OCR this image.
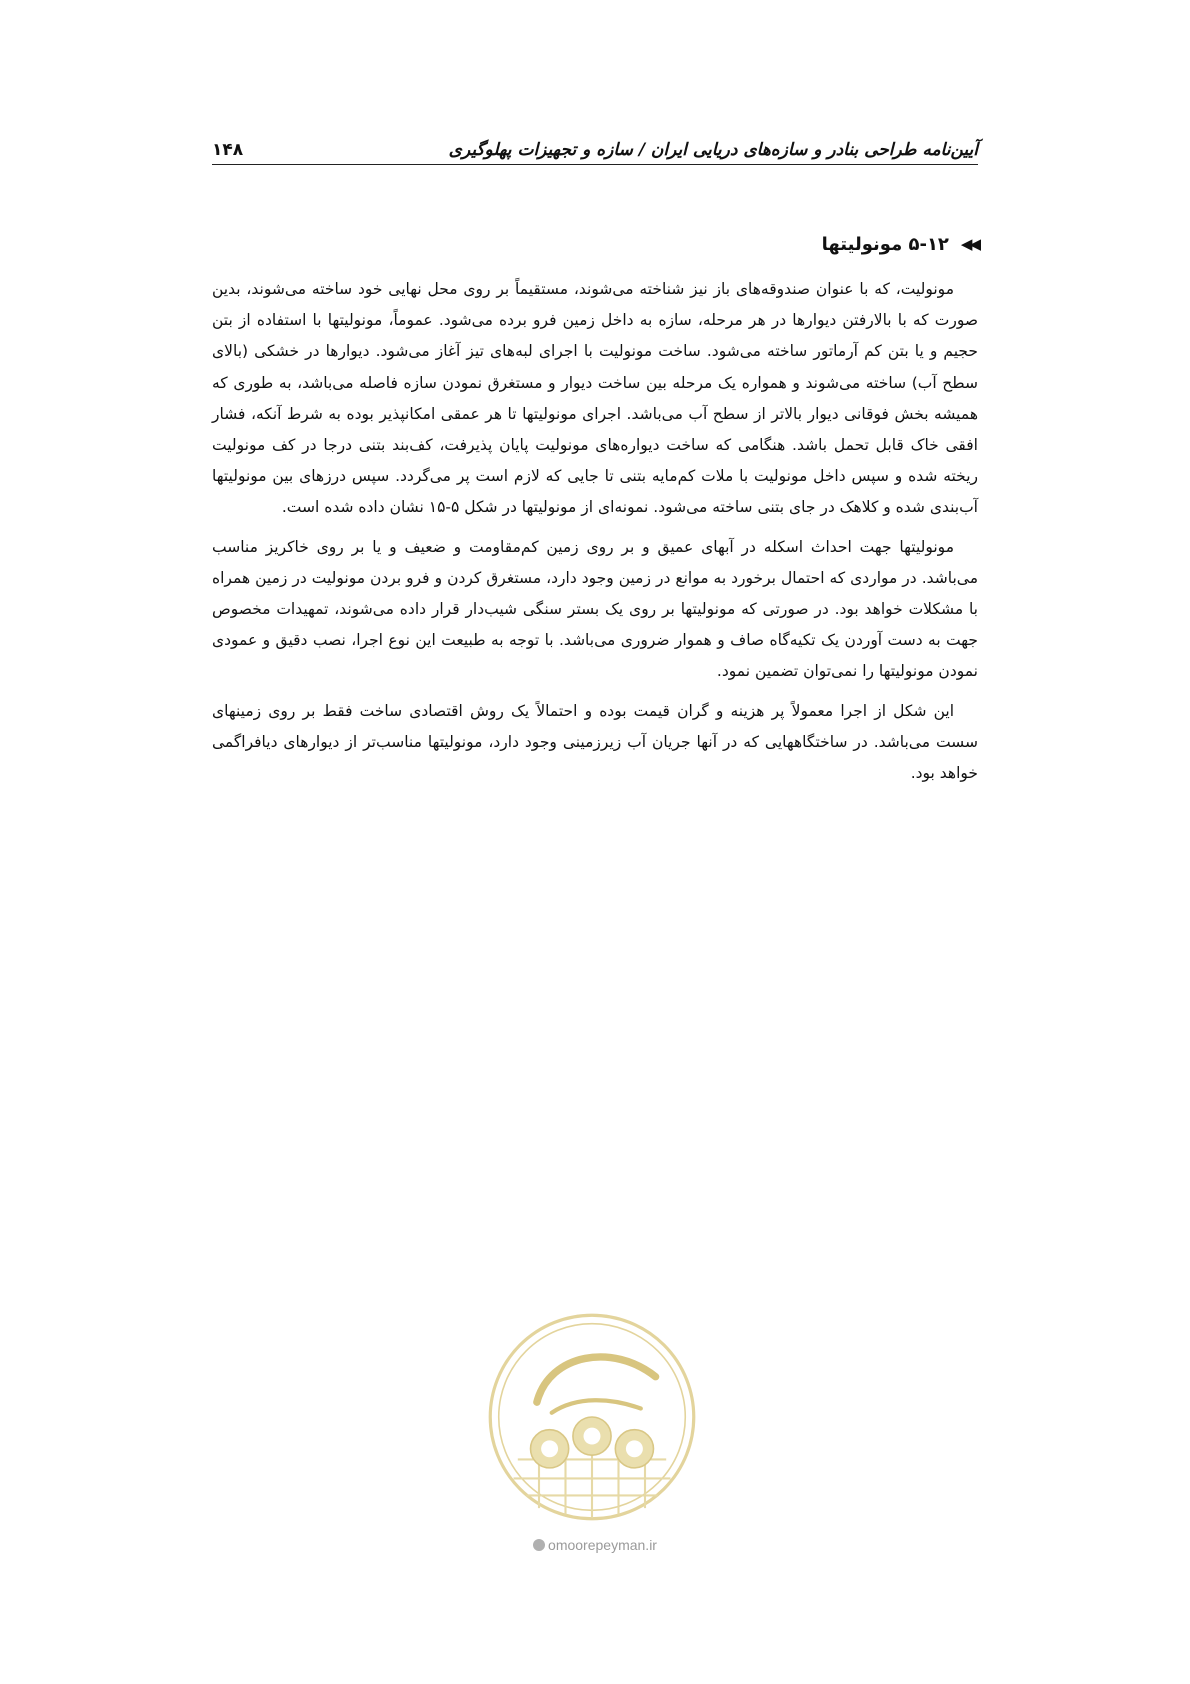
آیین‌نامه طراحی بنادر و سازه‌های دریایی ایران / سازه و تجهیزات پهلوگیری
۱۴۸
◀◀
۵-۱۲ مونولیتها

مونولیت، که با عنوان صندوقه‌های باز نیز شناخته می‌شوند، مستقیماً بر روی محل نهایی خود ساخته می‌شوند، بدین صورت که با بالارفتن دیوارها در هر مرحله، سازه به داخل زمین فرو برده می‌شود. عموماً، مونولیتها با استفاده از بتن حجیم و یا بتن کم آرماتور ساخته می‌شود. ساخت مونولیت با اجرای لبه‌های تیز آغاز می‌شود. دیوارها در خشکی (بالای سطح آب) ساخته می‌شوند و همواره یک مرحله بین ساخت دیوار و مستغرق نمودن سازه فاصله می‌باشد، به طوری که همیشه بخش فوقانی دیوار بالاتر از سطح آب می‌باشد. اجرای مونولیتها تا هر عمقی امکانپذیر بوده به شرط آنکه، فشار افقی خاک قابل تحمل باشد. هنگامی که ساخت دیواره‌های مونولیت پایان پذیرفت، کف‌بند بتنی درجا در کف مونولیت ریخته شده و سپس داخل مونولیت با ملات کم‌مایه بتنی تا جایی که لازم است پر می‌گردد. سپس درزهای بین مونولیتها آب‌بندی شده و کلاهک در جای بتنی ساخته می‌شود. نمونه‌ای از مونولیتها در شکل ۵-۱۵ نشان داده شده است.

مونولیتها جهت احداث اسکله در آبهای عمیق و بر روی زمین کم‌مقاومت و ضعیف و یا بر روی خاکریز مناسب می‌باشد. در مواردی که احتمال برخورد به موانع در زمین وجود دارد، مستغرق کردن و فرو بردن مونولیت در زمین همراه با مشکلات خواهد بود. در صورتی که مونولیتها بر روی یک بستر سنگی شیب‌دار قرار داده می‌شوند، تمهیدات مخصوص جهت به دست آوردن یک تکیه‌گاه صاف و هموار ضروری می‌باشد. با توجه به طبیعت این نوع اجرا، نصب دقیق و عمودی نمودن مونولیتها را نمی‌توان تضمین نمود.

این شکل از اجرا معمولاً پر هزینه و گران قیمت بوده و احتمالاً یک روش اقتصادی ساخت فقط بر روی زمینهای سست می‌باشد. در ساختگاههایی که در آنها جریان آب زیرزمینی وجود دارد، مونولیتها مناسب‌تر از دیوارهای دیافراگمی خواهد بود.

omoorepeyman.ir
